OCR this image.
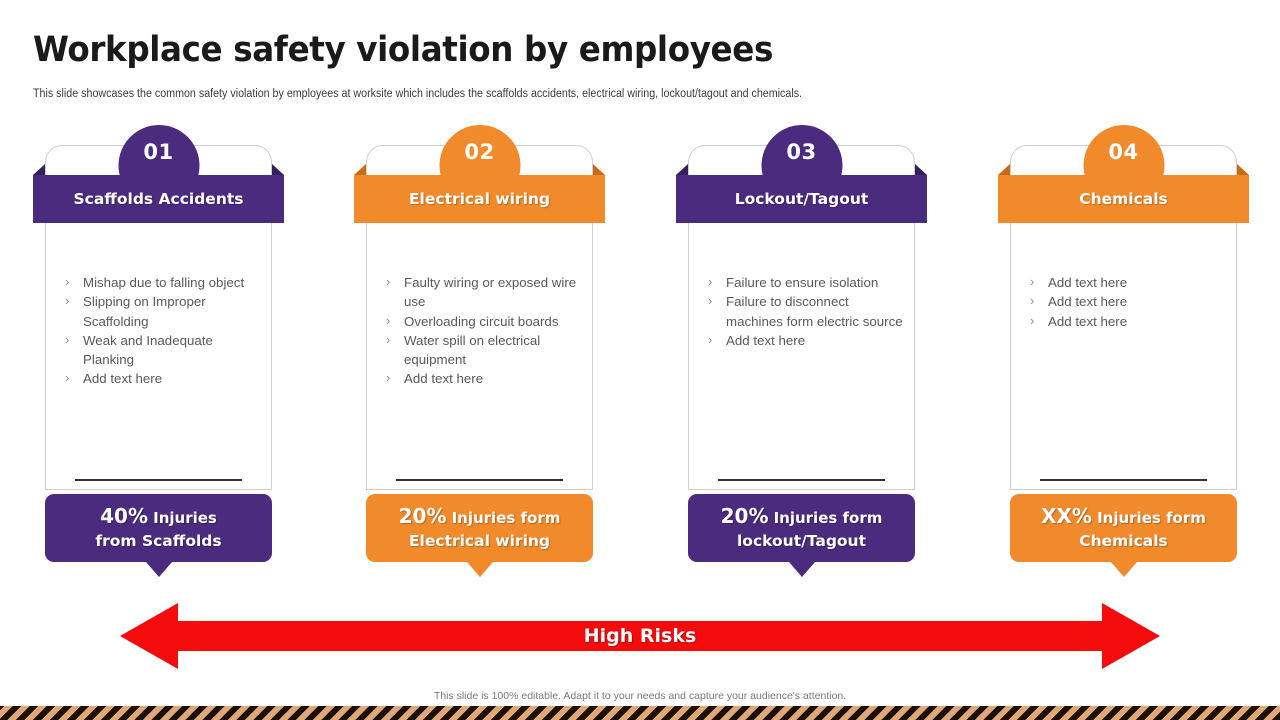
Workplace safety violation by employees
This slide showcases the common safety violation by employees at worksite which includes the scaffolds accidents, electrical wiring, lockout/tagout and chemicals.
01
Scaffolds Accidents
› Mishap due to falling object
› Slipping on Improper Scaffolding
› Weak and Inadequate Planking
› Add text here
02
Electrical wiring
› Faulty wiring or exposed wire use
› Overloading circuit boards
› Water spill on electrical equipment
› Add text here
03
Lockout/Tagout
› Failure to ensure isolation
› Failure to disconnect machines form electric source
› Add text here
04
Chemicals
› Add text here
› Add text here
› Add text here
40% Injuries
from Scaffolds
20% Injuries form
Electrical wiring
20% Injuries form
lockout/Tagout
XX% Injuries form
Chemicals
High Risks
This slide is 100% editable. Adapt it to your needs and capture your audience's attention.
